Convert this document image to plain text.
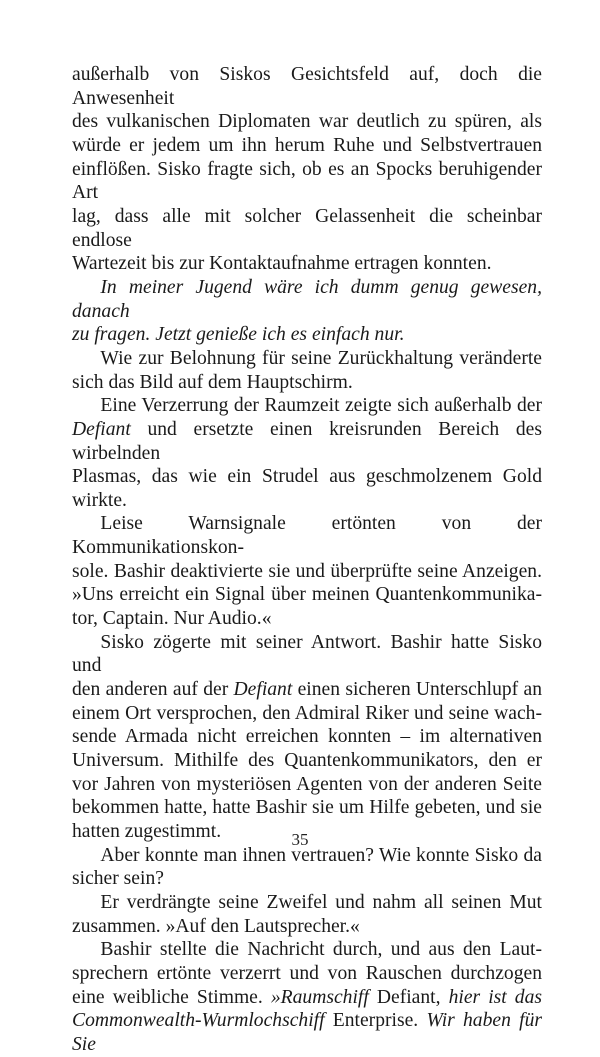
außerhalb von Siskos Gesichtsfeld auf, doch die Anwesenheit
des vulkanischen Diplomaten war deutlich zu spüren, als
würde er jedem um ihn herum Ruhe und Selbstvertrauen
einflößen. Sisko fragte sich, ob es an Spocks beruhigender Art
lag, dass alle mit solcher Gelassenheit die scheinbar endlose
Wartezeit bis zur Kontaktaufnahme ertragen konnten.

In meiner Jugend wäre ich dumm genug gewesen, danach
zu fragen. Jetzt genieße ich es einfach nur.

Wie zur Belohnung für seine Zurückhaltung veränderte
sich das Bild auf dem Hauptschirm.

Eine Verzerrung der Raumzeit zeigte sich außerhalb der
Defiant und ersetzte einen kreisrunden Bereich des wirbelnden
Plasmas, das wie ein Strudel aus geschmolzenem Gold wirkte.

Leise Warnsignale ertönten von der Kommunikationskon-
sole. Bashir deaktivierte sie und überprüfte seine Anzeigen.
»Uns erreicht ein Signal über meinen Quantenkommunika-
tor, Captain. Nur Audio.«

Sisko zögerte mit seiner Antwort. Bashir hatte Sisko und
den anderen auf der Defiant einen sicheren Unterschlupf an
einem Ort versprochen, den Admiral Riker und seine wach-
sende Armada nicht erreichen konnten – im alternativen
Universum. Mithilfe des Quantenkommunikators, den er
vor Jahren von mysteriösen Agenten von der anderen Seite
bekommen hatte, hatte Bashir sie um Hilfe gebeten, und sie
hatten zugestimmt.

Aber konnte man ihnen vertrauen? Wie konnte Sisko da
sicher sein?

Er verdrängte seine Zweifel und nahm all seinen Mut
zusammen. »Auf den Lautsprecher.«

Bashir stellte die Nachricht durch, und aus den Laut-
sprechern ertönte verzerrt und von Rauschen durchzogen
eine weibliche Stimme. »Raumschiff Defiant, hier ist das
Commonwealth-Wurmlochschiff Enterprise. Wir haben für Sie

35
